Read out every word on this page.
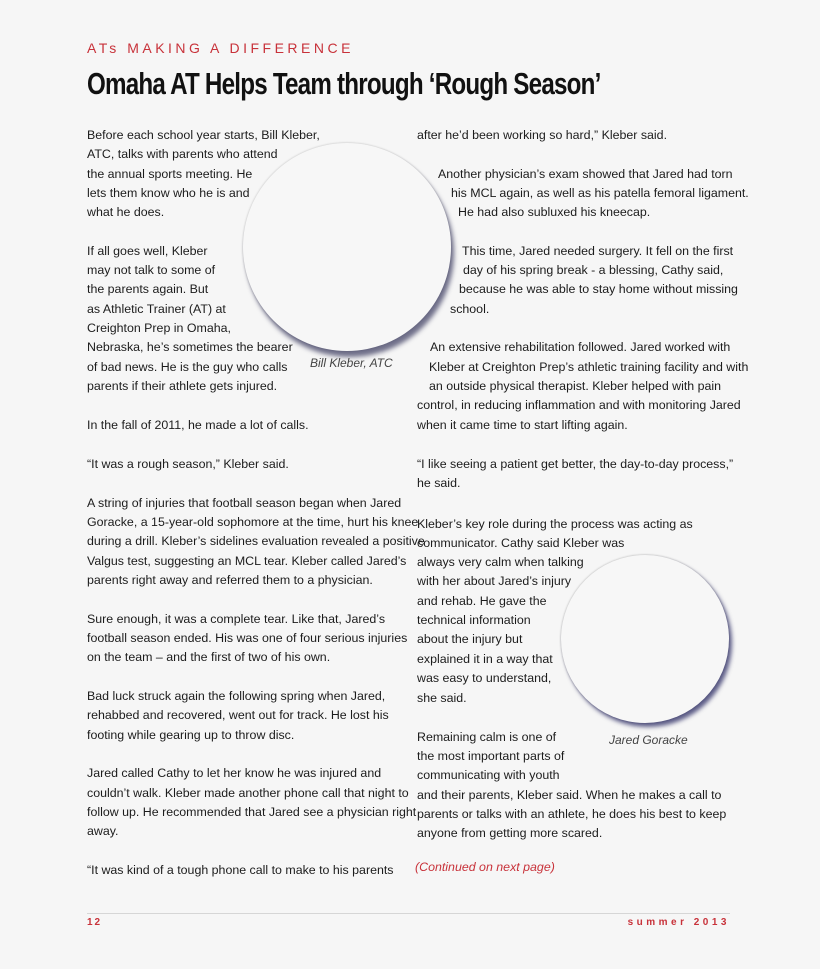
ATs MAKING A DIFFERENCE
Omaha AT Helps Team through ‘Rough Season’
Bill Kleber, ATC
Jared Goracke
Before each school year starts, Bill Kleber,
ATC, talks with parents who attend
the annual sports meeting. He
lets them know who he is and
what he does.
If all goes well, Kleber
may not talk to some of
the parents again. But
as Athletic Trainer (AT) at
Creighton Prep in Omaha,
Nebraska, he’s sometimes the bearer
of bad news. He is the guy who calls
parents if their athlete gets injured.
In the fall of 2011, he made a lot of calls.
“It was a rough season,” Kleber said.
A string of injuries that football season began when Jared
Goracke, a 15-year-old sophomore at the time, hurt his knee
during a drill. Kleber’s sidelines evaluation revealed a positive
Valgus test, suggesting an MCL tear. Kleber called Jared’s
parents right away and referred them to a physician.
Sure enough, it was a complete tear. Like that, Jared’s
football season ended. His was one of four serious injuries
on the team – and the first of two of his own.
Bad luck struck again the following spring when Jared,
rehabbed and recovered, went out for track. He lost his
footing while gearing up to throw disc.
Jared called Cathy to let her know he was injured and
couldn’t walk. Kleber made another phone call that night to
follow up. He recommended that Jared see a physician right
away.
“It was kind of a tough phone call to make to his parents
after he’d been working so hard,” Kleber said.
Another physician’s exam showed that Jared had torn
his MCL again, as well as his patella femoral ligament.
He had also subluxed his kneecap.
This time, Jared needed surgery. It fell on the first
day of his spring break - a blessing, Cathy said,
because he was able to stay home without missing
school.
An extensive rehabilitation followed. Jared worked with
Kleber at Creighton Prep’s athletic training facility and with
an outside physical therapist. Kleber helped with pain
control, in reducing inflammation and with monitoring Jared
when it came time to start lifting again.
“I like seeing a patient get better, the day-to-day process,”
he said.
Kleber’s key role during the process was acting as
communicator. Cathy said Kleber was
always very calm when talking
with her about Jared’s injury
and rehab. He gave the
technical information
about the injury but
explained it in a way that
was easy to understand,
she said.
Remaining calm is one of
the most important parts of
communicating with youth
and their parents, Kleber said. When he makes a call to
parents or talks with an athlete, he does his best to keep
anyone from getting more scared.
(Continued on next page)
12	summer 2013
